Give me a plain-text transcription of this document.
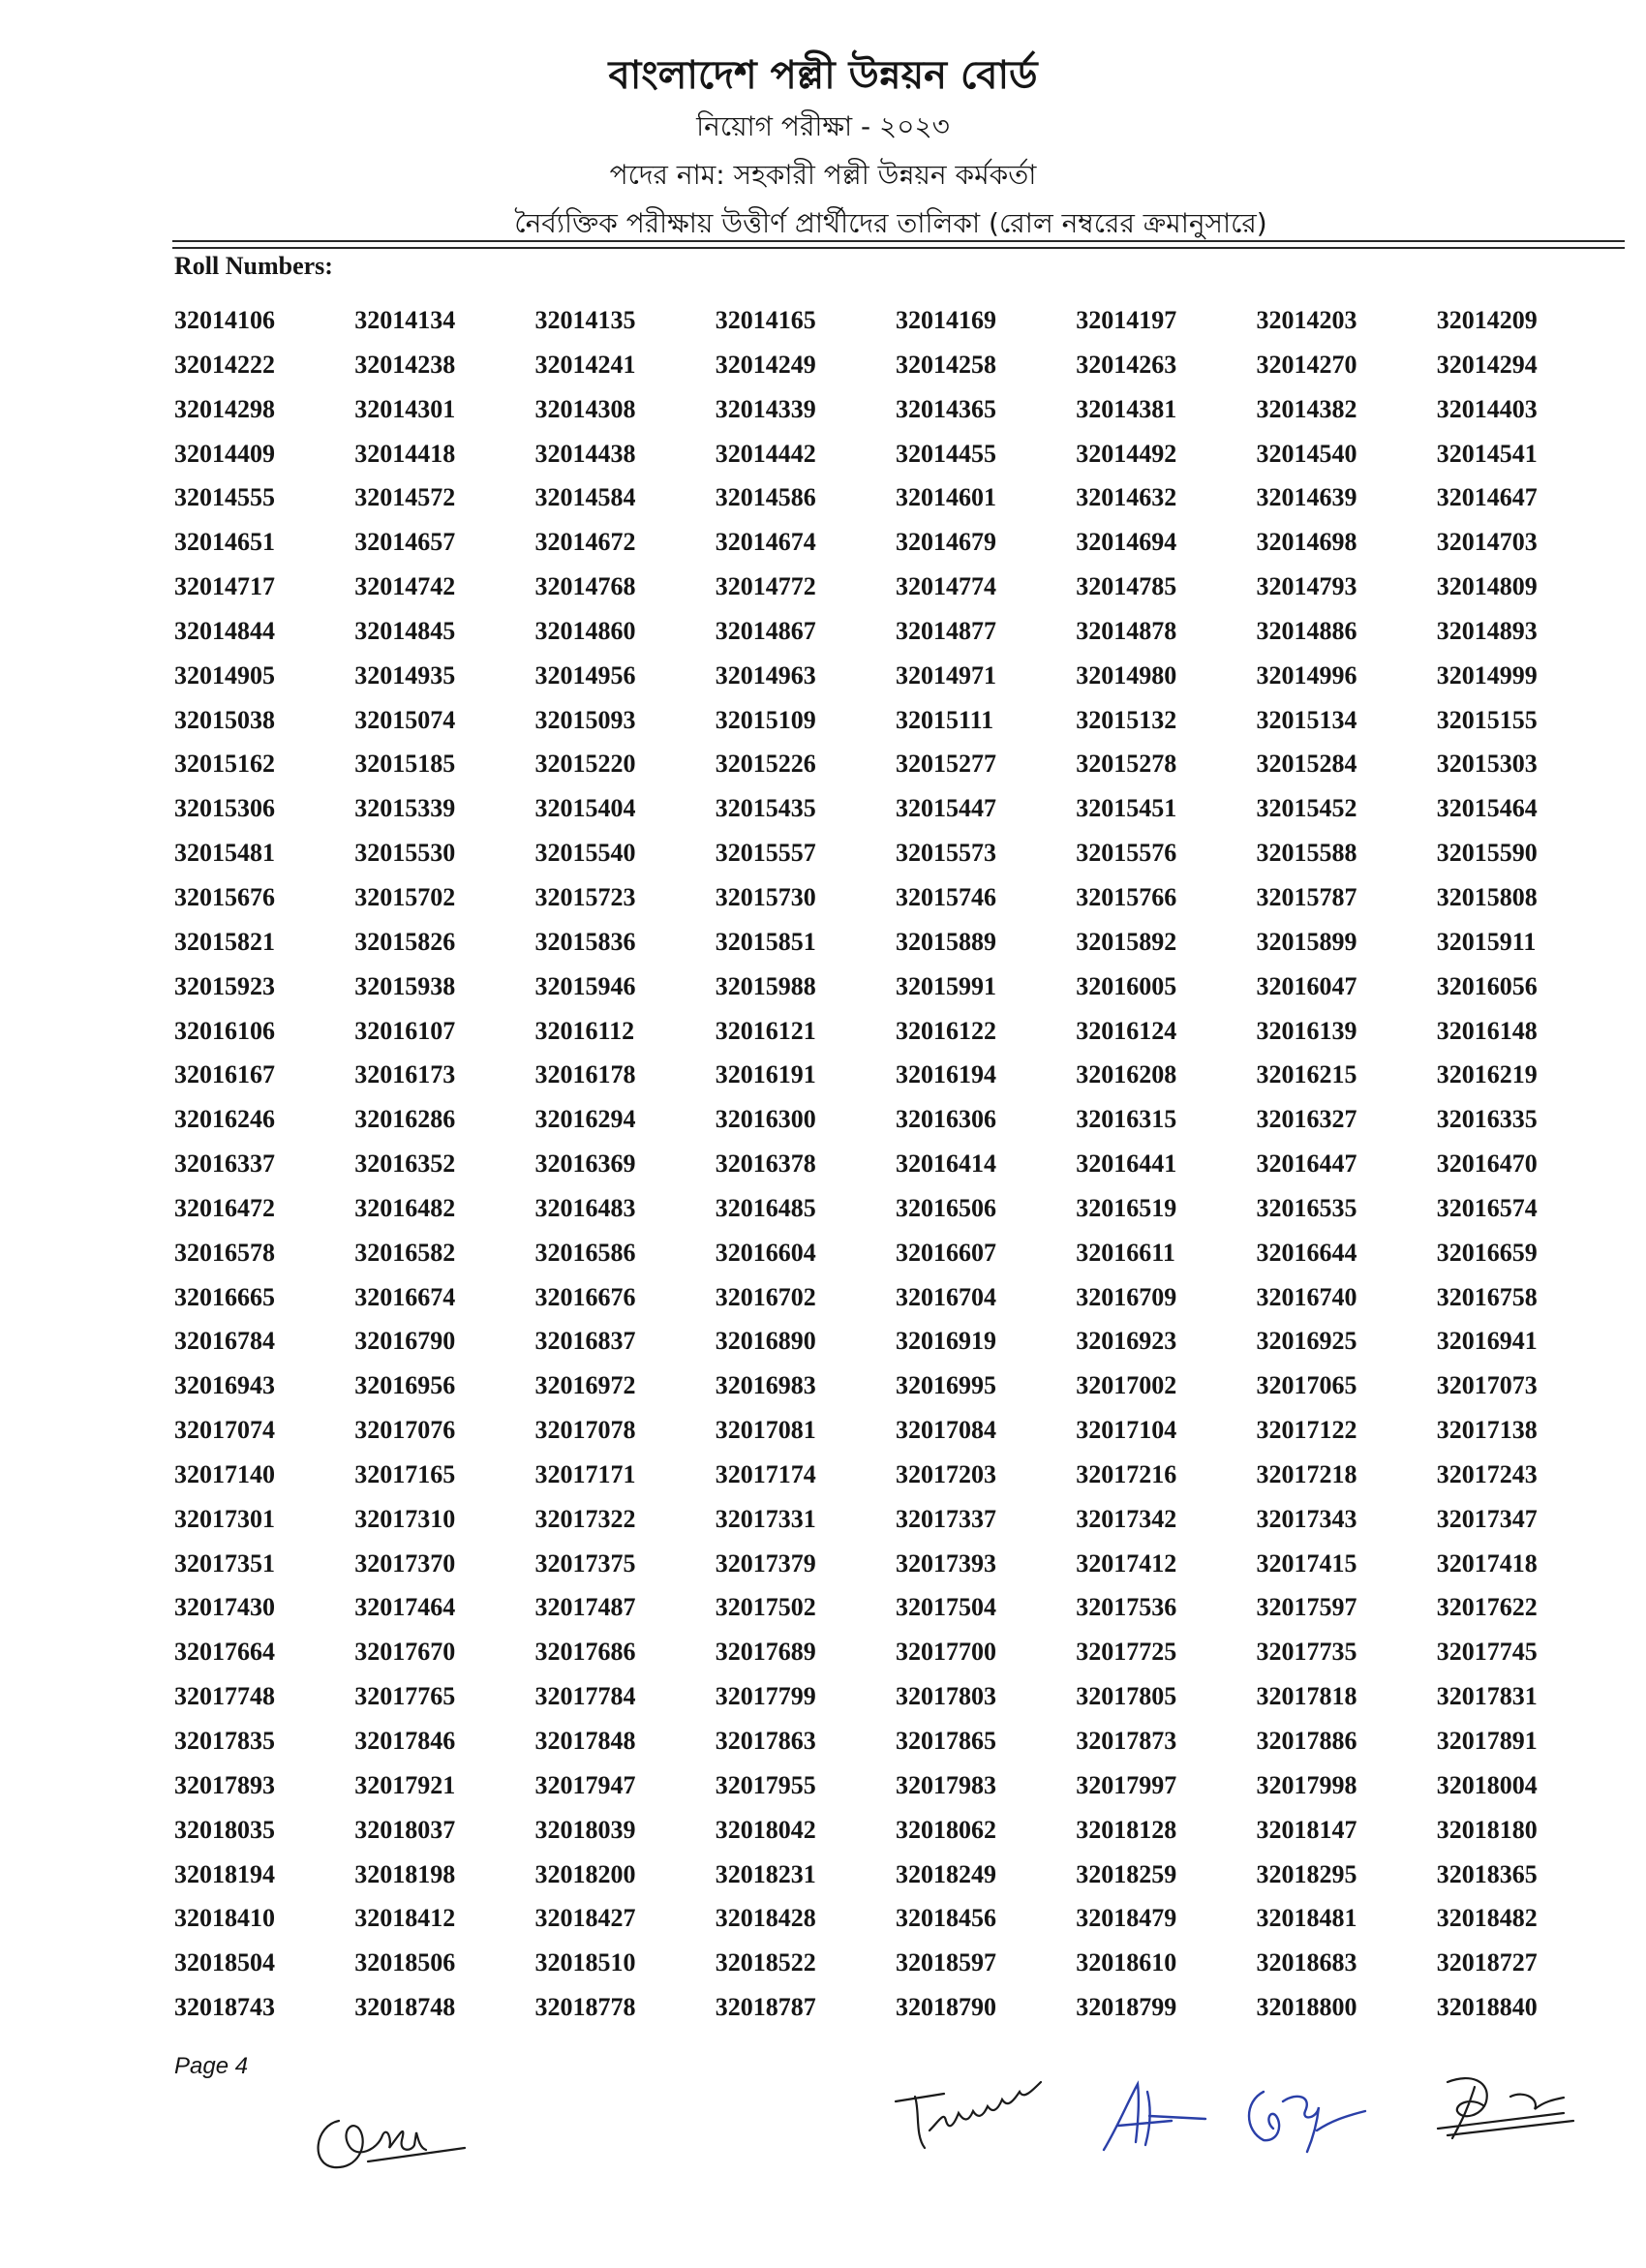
বাংলাদেশ পল্লী উন্নয়ন বোর্ড
নিয়োগ পরীক্ষা - ২০২৩
পদের নাম: সহকারী পল্লী উন্নয়ন কর্মকর্তা
নৈর্ব্যক্তিক পরীক্ষায় উত্তীর্ণ প্রার্থীদের তালিকা (রোল নম্বরের ক্রমানুসারে)
Roll Numbers:
32014106	32014134	32014135	32014165	32014169	32014197	32014203	32014209
32014222	32014238	32014241	32014249	32014258	32014263	32014270	32014294
32014298	32014301	32014308	32014339	32014365	32014381	32014382	32014403
32014409	32014418	32014438	32014442	32014455	32014492	32014540	32014541
32014555	32014572	32014584	32014586	32014601	32014632	32014639	32014647
32014651	32014657	32014672	32014674	32014679	32014694	32014698	32014703
32014717	32014742	32014768	32014772	32014774	32014785	32014793	32014809
32014844	32014845	32014860	32014867	32014877	32014878	32014886	32014893
32014905	32014935	32014956	32014963	32014971	32014980	32014996	32014999
32015038	32015074	32015093	32015109	32015111	32015132	32015134	32015155
32015162	32015185	32015220	32015226	32015277	32015278	32015284	32015303
32015306	32015339	32015404	32015435	32015447	32015451	32015452	32015464
32015481	32015530	32015540	32015557	32015573	32015576	32015588	32015590
32015676	32015702	32015723	32015730	32015746	32015766	32015787	32015808
32015821	32015826	32015836	32015851	32015889	32015892	32015899	32015911
32015923	32015938	32015946	32015988	32015991	32016005	32016047	32016056
32016106	32016107	32016112	32016121	32016122	32016124	32016139	32016148
32016167	32016173	32016178	32016191	32016194	32016208	32016215	32016219
32016246	32016286	32016294	32016300	32016306	32016315	32016327	32016335
32016337	32016352	32016369	32016378	32016414	32016441	32016447	32016470
32016472	32016482	32016483	32016485	32016506	32016519	32016535	32016574
32016578	32016582	32016586	32016604	32016607	32016611	32016644	32016659
32016665	32016674	32016676	32016702	32016704	32016709	32016740	32016758
32016784	32016790	32016837	32016890	32016919	32016923	32016925	32016941
32016943	32016956	32016972	32016983	32016995	32017002	32017065	32017073
32017074	32017076	32017078	32017081	32017084	32017104	32017122	32017138
32017140	32017165	32017171	32017174	32017203	32017216	32017218	32017243
32017301	32017310	32017322	32017331	32017337	32017342	32017343	32017347
32017351	32017370	32017375	32017379	32017393	32017412	32017415	32017418
32017430	32017464	32017487	32017502	32017504	32017536	32017597	32017622
32017664	32017670	32017686	32017689	32017700	32017725	32017735	32017745
32017748	32017765	32017784	32017799	32017803	32017805	32017818	32017831
32017835	32017846	32017848	32017863	32017865	32017873	32017886	32017891
32017893	32017921	32017947	32017955	32017983	32017997	32017998	32018004
32018035	32018037	32018039	32018042	32018062	32018128	32018147	32018180
32018194	32018198	32018200	32018231	32018249	32018259	32018295	32018365
32018410	32018412	32018427	32018428	32018456	32018479	32018481	32018482
32018504	32018506	32018510	32018522	32018597	32018610	32018683	32018727
32018743	32018748	32018778	32018787	32018790	32018799	32018800	32018840
Page 4
Fyeasin
